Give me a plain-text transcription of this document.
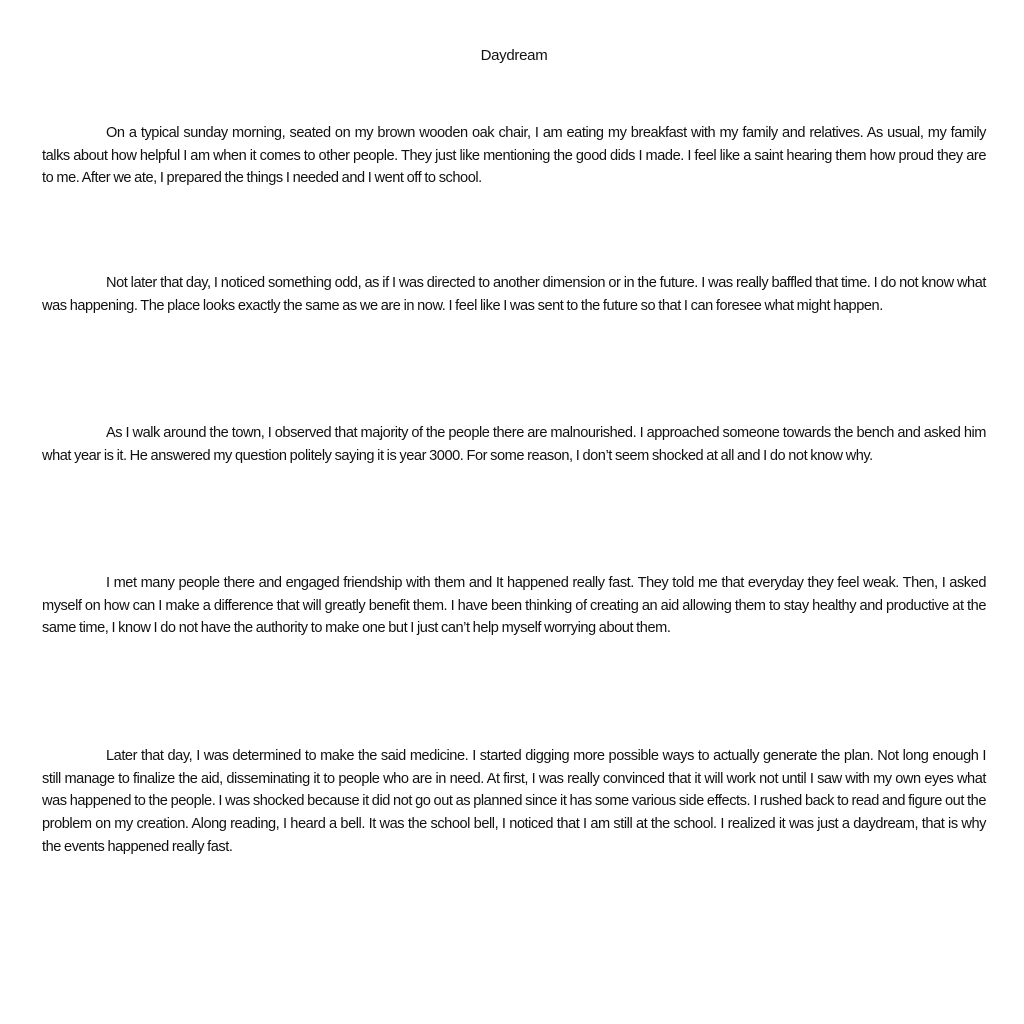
Daydream

On a typical sunday morning, seated on my brown wooden oak chair, I am eating my breakfast with my family and relatives. As usual, my family talks about how helpful I am when it comes to other people. They just like mentioning the good dids I made. I feel like a saint hearing them how proud they are to me. After we ate, I prepared the things I needed and I went off to school.

Not later that day, I noticed something odd, as if I was directed to another dimension or in the future. I was really baffled that time. I do not know what was happening. The place looks exactly the same as we are in now. I feel like I was sent to the future so that I can foresee what might happen.

As I walk around the town, I observed that majority of the people there are malnourished. I approached someone towards the bench and asked him what year is it. He answered my question politely saying it is year 3000. For some reason, I don’t seem shocked at all and I do not know why.

I met many people there and engaged friendship with them and It happened really fast. They told me that everyday they feel weak. Then, I asked myself on how can I make a difference that will greatly benefit them. I have been thinking of creating an aid allowing them to stay healthy and productive at the same time, I know I do not have the authority to make one but I just can’t help myself worrying about them.

Later that day, I was determined to make the said medicine. I started digging more possible ways to actually generate the plan. Not long enough I still manage to finalize the aid, disseminating it to people who are in need. At first, I was really convinced that it will work not until I saw with my own eyes what was happened to the people. I was shocked because it did not go out as planned since it has some various side effects. I rushed back to read and figure out the problem on my creation. Along reading, I heard a bell. It was the school bell, I noticed that I am still at the school. I realized it was just a daydream, that is why the events happened really fast.
